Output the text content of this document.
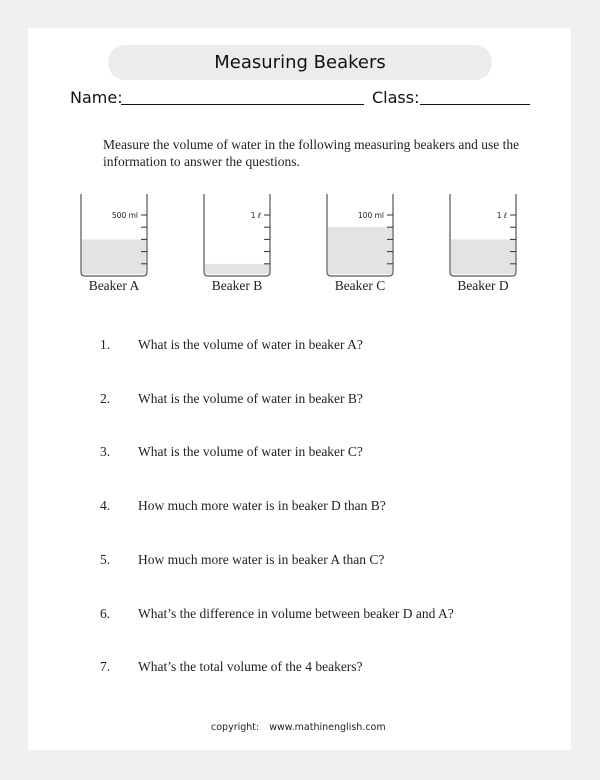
Measuring Beakers
Name:	Class:
Measure the volume of water in the following measuring beakers and use the information to answer the questions.
500 ml
Beaker A
1 ℓ
Beaker B
100 ml
Beaker C
1 ℓ
Beaker D
1. What is the volume of water in beaker A?
2. What is the volume of water in beaker B?
3. What is the volume of water in beaker C?
4. How much more water is in beaker D than B?
5. How much more water is in beaker A than C?
6. What’s the difference in volume between beaker D and A?
7. What’s the total volume of the 4 beakers?
copyright: www.mathinenglish.com
